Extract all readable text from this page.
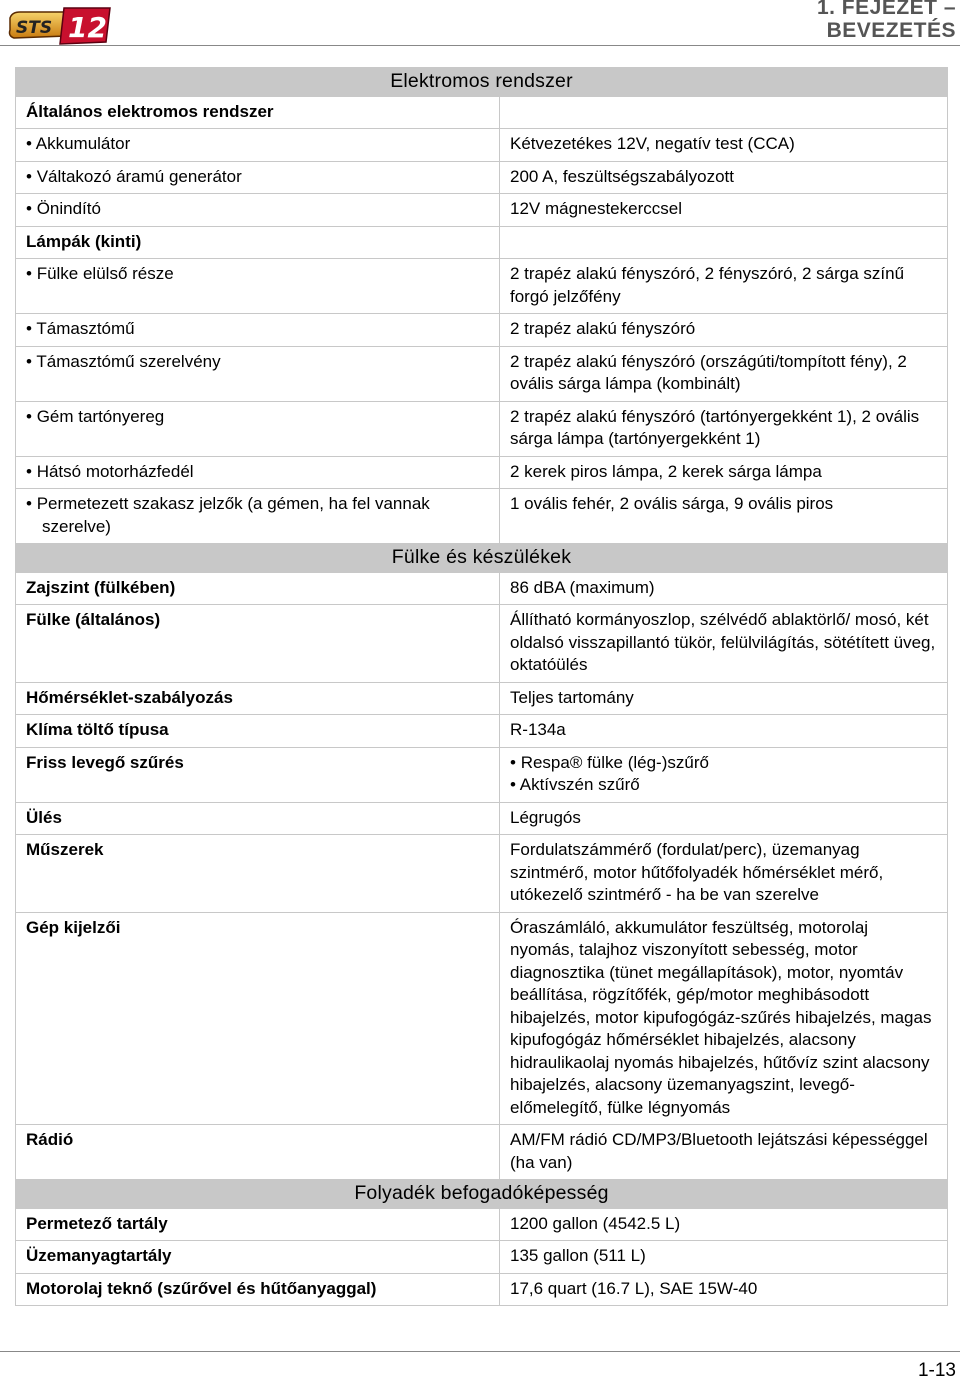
STS 12
1. FEJEZET –
BEVEZETÉS
Elektromos rendszer	
Általános elektromos rendszer	

• Akkumulátor	Kétvezetékes 12V, negatív test (CCA)

• Váltakozó áramú generátor	200 A, feszültségszabályozott

• Önindító	12V mágnestekerccsel
Lámpák (kinti)	

• Fülke elülső része	2 trapéz alakú fényszóró, 2 fényszóró, 2 sárga színű forgó jelzőfény

• Támasztómű	2 trapéz alakú fényszóró

• Támasztómű szerelvény	2 trapéz alakú fényszóró (országúti/tompított fény), 2 ovális sárga lámpa (kombinált)

• Gém tartónyereg	2 trapéz alakú fényszóró (tartónyergekként 1), 2 ovális sárga lámpa (tartónyergekként 1)

• Hátsó motorházfedél	2 kerek piros lámpa, 2 kerek sárga lámpa

• Permetezett szakasz jelzők (a gémen, ha fel vannak szerelve)	1 ovális fehér, 2 ovális sárga, 9 ovális piros
Fülke és készülékek	
Zajszint (fülkében)	86 dBA (maximum)
Fülke (általános)	Állítható kormányoszlop, szélvédő ablaktörlő/ mosó, két oldalsó visszapillantó tükör, felülvilágítás, sötétített üveg, oktatóülés
Hőmérséklet-szabályozás	Teljes tartomány
Klíma töltő típusa	R-134a
Friss levegő szűrés	• Respa® fülke (lég-)szűrő
• Aktívszén szűrő

Ülés	Légrugós
Műszerek	Fordulatszámmérő (fordulat/perc), üzemanyag szintmérő, motor hűtőfolyadék hőmérséklet mérő, utókezelő szintmérő - ha be van szerelve
Gép kijelzői	Óraszámláló, akkumulátor feszültség, motorolaj nyomás, talajhoz viszonyított sebesség, motor diagnosztika (tünet megállapítások), motor, nyomtáv beállítása, rögzítőfék, gép/motor meghibásodott hibajelzés, motor kipufogógáz-szűrés hibajelzés, magas kipufogógáz hőmérséklet hibajelzés, alacsony hidraulikaolaj nyomás hibajelzés, hűtővíz szint alacsony hibajelzés, alacsony üzemanyagszint, levegő-előmelegítő, fülke légnyomás
Rádió	AM/FM rádió CD/MP3/Bluetooth lejátszási képességgel (ha van)
Folyadék befogadóképesség	
Permetező tartály	1200 gallon (4542.5 L)
Üzemanyagtartály	135 gallon (511 L)
Motorolaj teknő (szűrővel és hűtőanyaggal)	17,6 quart (16.7 L), SAE 15W-40
1-13
